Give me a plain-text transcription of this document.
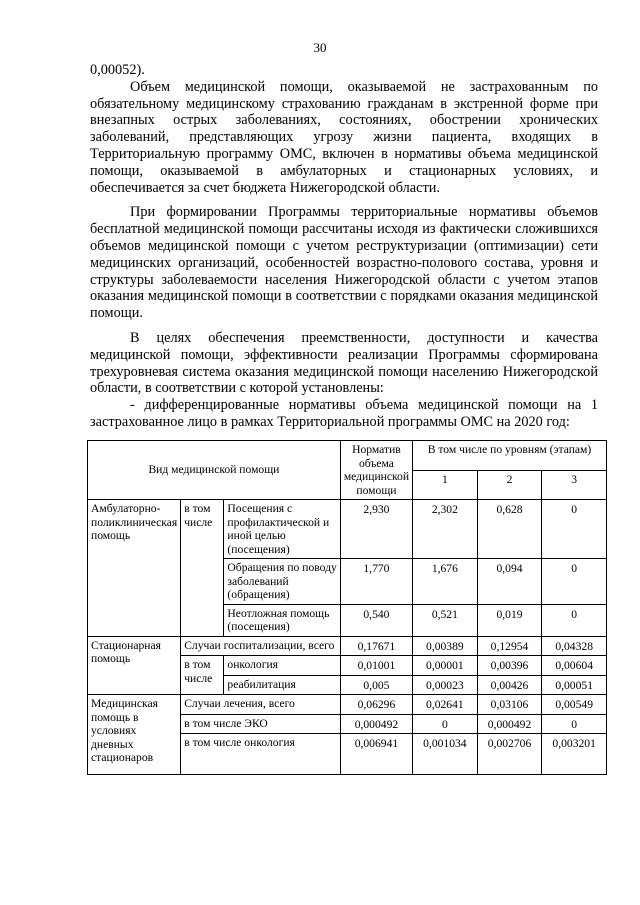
30

0,00052).

Объем медицинской помощи, оказываемой не застрахованным по обязательному медицинскому страхованию гражданам в экстренной форме при внезапных острых заболеваниях, состояниях, обострении хронических заболеваний, представляющих угрозу жизни пациента, входящих в Территориальную программу ОМС, включен в нормативы объема медицинской помощи, оказываемой в амбулаторных и стационарных условиях, и обеспечивается за счет бюджета Нижегородской области.

При формировании Программы территориальные нормативы объемов бесплатной медицинской помощи рассчитаны исходя из фактически сложившихся объемов медицинской помощи с учетом реструктуризации (оптимизации) сети медицинских организаций, особенностей возрастно-полового состава, уровня и структуры заболеваемости населения Нижегородской области с учетом этапов оказания медицинской помощи в соответствии с порядками оказания медицинской помощи.

В целях обеспечения преемственности, доступности и качества медицинской помощи, эффективности реализации Программы сформирована трехуровневая система оказания медицинской помощи населению Нижегородской области, в соответствии с которой установлены:

- дифференцированные нормативы объема медицинской помощи на 1 застрахованное лицо в рамках Территориальной программы ОМС на 2020 год:

Вид медицинской помощи			Норматив объема медицинской помощи	В том числе по уровням (этапам)		
				1	2	3
Амбулаторно-поликлиническая помощь	в том числе	Посещения с профилактической и иной целью (посещения)	2,930	2,302	0,628	0
		Обращения по поводу заболеваний (обращения)	1,770	1,676	0,094	0
		Неотложная помощь (посещения)	0,540	0,521	0,019	0
Стационарная помощь	Случаи госпитализации, всего		0,17671	0,00389	0,12954	0,04328
	в том числе	онкология	0,01001	0,00001	0,00396	0,00604
		реабилитация	0,005	0,00023	0,00426	0,00051
Медицинская помощь в условиях дневных стационаров	Случаи лечения, всего		0,06296	0,02641	0,03106	0,00549
	в том числе ЭКО		0,000492	0	0,000492	0
	в том числе онкология		0,006941	0,001034	0,002706	0,003201
